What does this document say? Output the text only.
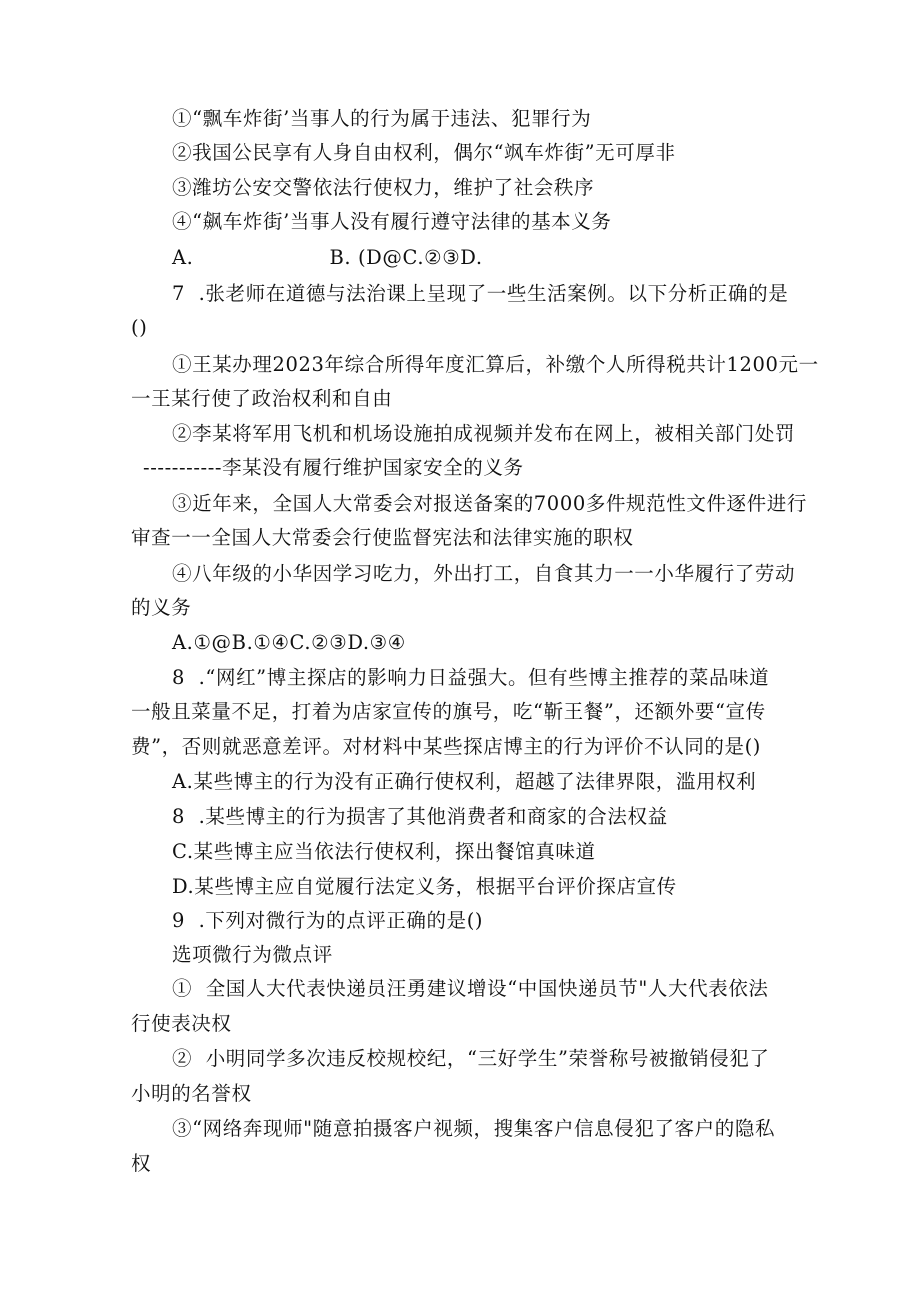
①“飘车炸街’当事人的行为属于违法、犯罪行为
②我国公民享有人身自由权利，偶尔“飒车炸街”无可厚非
③潍坊公安交警依法行使权力，维护了社会秩序
④“飙车炸街’当事人没有履行遵守法律的基本义务
A.                    B. (D@C.②③D.
7  .张老师在道德与法治课上呈现了一些生活案例。以下分析正确的是
()
①王某办理2023年综合所得年度汇算后，补缴个人所得税共计1200元一
一王某行使了政治权利和自由
②李某将军用飞机和机场设施拍成视频并发布在网上，被相关部门处罚
-----------李某没有履行维护国家安全的义务
③近年来，全国人大常委会对报送备案的7000多件规范性文件逐件进行
审查一一全国人大常委会行使监督宪法和法律实施的职权
④八年级的小华因学习吃力，外出打工，自食其力一一小华履行了劳动
的义务
A.①@B.①④C.②③D.③④
8  .“网红”博主探店的影响力日益强大。但有些博主推荐的菜品味道
一般且菜量不足，打着为店家宣传的旗号，吃“靳王餐”，还额外要“宣传
费”，否则就恶意差评。对材料中某些探店博主的行为评价不认同的是()
A.某些博主的行为没有正确行使权利，超越了法律界限，滥用权利
8  .某些博主的行为损害了其他消费者和商家的合法权益
C.某些博主应当依法行使权利，探出餐馆真味道
D.某些博主应自觉履行法定义务，根据平台评价探店宣传
9  .下列对微行为的点评正确的是()
选项微行为微点评
①  全国人大代表快递员汪勇建议增设“中国快递员节"人大代表依法
行使表决权
②  小明同学多次违反校规校纪，“三好学生”荣誉称号被撤销侵犯了
小明的名誉权
③“网络奔现师"随意拍摄客户视频，搜集客户信息侵犯了客户的隐私
权
